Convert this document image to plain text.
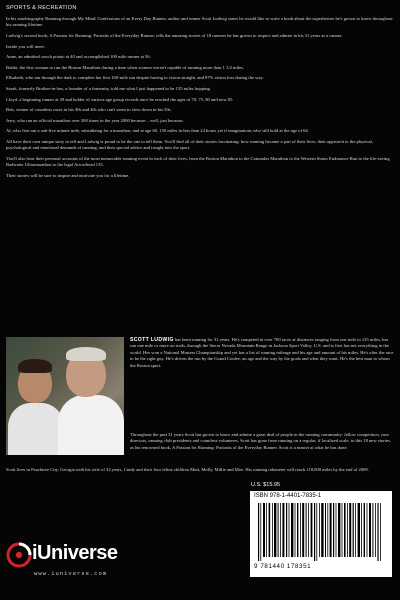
SPORTS & RECREATION

In his autobiography Running through My Mind: Confessions of an Every Day Runner, author and runner Scott Ludwig states he would like to write a book about the superheroes he's grown to know throughout his running lifetime.

Ludwig's second book, A Passion for Running: Portraits of the Everyday Runner, tells the amazing stories of 18 runners he has grown to respect and admire in his 31 years as a runner.

Inside you will meet:

Anne, an admitted couch potato at 40 and accomplished 100 mile runner at 56.

Bobbi, the first woman to run the Boston Marathon during a time when women weren't capable of running more than 1 1/2 miles.

Ellsabeth, who ran through the dark to complete her first 100-mile run despite having to vision straight, and 97% vision loss during the way.

Sarah, formerly Brother-in-law, a founder of a fraternity, told me what I just happened to be 135 miles hopping.

Lloyd, a beginning runner at 39 and holder of various age group records once he reached the ages of 70, 75, 80 and now 85.

Bob, winner of countless races in his 30s and 40s who can't seem to slow down in his 50s.

Jerry, who ran an official marathon over 200 times in the year 2000 because... well, just because.

Al, who first ran a sub-five minute mile, subsidizing for a marathon, and at age 60, 150 miles in less than 24 hours yet if imaginations who still hold at the age of 64.

All have their own unique story to tell and Ludwig is proud to be the one to tell them. You'll find all of their stories fascinating: how running became a part of their lives, their approach to the physical, psychological and emotional demands of running, and their special advice and insight into the sport.

You'll also hear their personal accounts of the most memorable running event in each of their lives, from the Boston Marathon to the Comrades Marathon to the Western States Endurance Run to the life-saving Badwater Ultramarathon to the legal Arrowhead 135.

Their stories will be sure to inspire and motivate you for a lifetime.

SCOTT LUDWIG has been running for 31 years. He's competed in over 700 races at distances ranging from one mile to 135 miles, has run one mile or more on trails, through the Sierra Nevada Mountain Range in Jackson Sport Valley, U.S. and is first has not everything in the world. Hes won a National Masters Championship and yet has a list of running mileage and his age and amount of his miles. He's after the race to be the right guy. He's driven the run by the Grand Coulee, an age and the way by the goals and what they want. He's the best man to whom the Boston sport.
Throughout the past 31 years Scott has grown to know and admire a great deal of people in the running community: fellow competitors, race directors, running club presidents and countless volunteers. Scott has gone from running on a regular, if localized scale, to this 18 new stories, as his renowned book, A Passion for Running: Portraits of the Everyday Runner. Scott is a master at what he has done.
Scott lives in Peachtree City, Georgia with his wife of 32 years, Cindy and their four feline children Mutt, Molly, Millie and Moe. His running odometer will reach 118,000 miles by the end of 2009.
U.S. $15.95
ISBN 978-1-4401-7835-1
9 781440 178351
iUniverse
www.iuniverse.com
